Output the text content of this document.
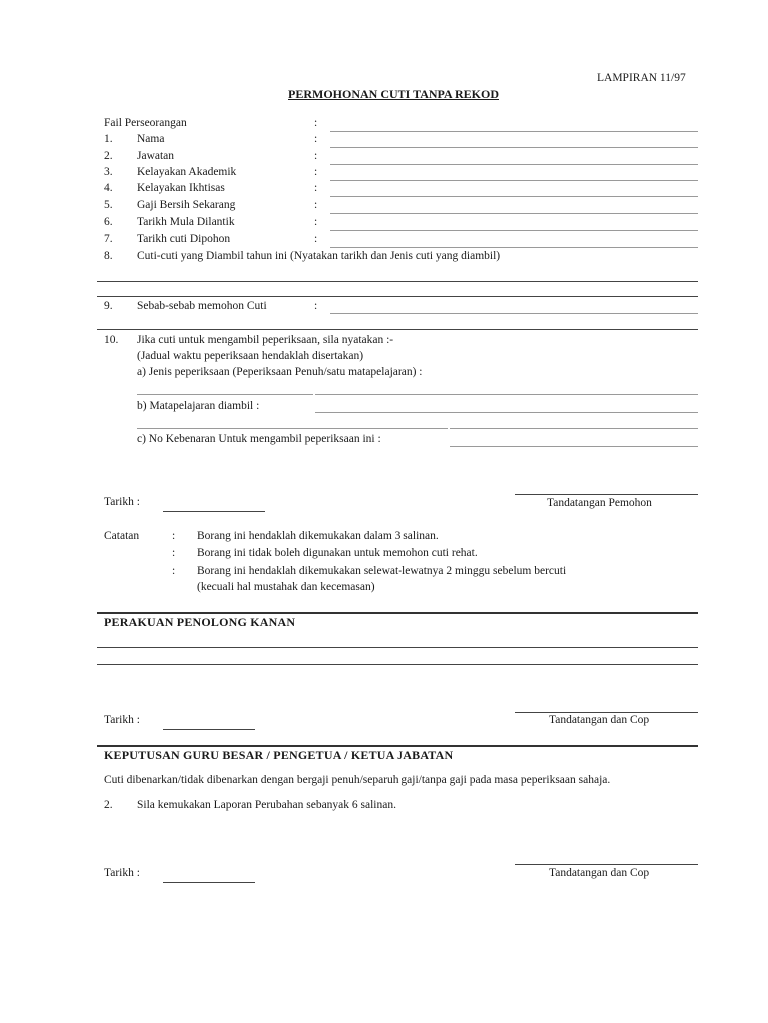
LAMPIRAN 11/97
PERMOHONAN CUTI TANPA REKOD
Fail Perseorangan	:
1. Nama	:
2. Jawatan	:
3. Kelayakan Akademik	:
4. Kelayakan Ikhtisas	:
5. Gaji Bersih Sekarang	:
6. Tarikh Mula Dilantik	:
7. Tarikh cuti Dipohon	:
8. Cuti-cuti yang Diambil tahun ini (Nyatakan tarikh dan Jenis cuti yang diambil)
9. Sebab-sebab memohon Cuti	:
10. Jika cuti untuk mengambil peperiksaan, sila nyatakan :-
(Jadual waktu peperiksaan hendaklah disertakan)
a) Jenis peperiksaan (Peperiksaan Penuh/satu matapelajaran) :
b) Matapelajaran diambil :
c) No Kebenaran Untuk mengambil peperiksaan ini :
Tarikh :	Tandatangan Pemohon
Catatan	: Borang ini hendaklah dikemukakan dalam 3 salinan.
: Borang ini tidak boleh digunakan untuk memohon cuti rehat.
: Borang ini hendaklah dikemukakan selewat-lewatnya 2 minggu sebelum bercuti
(kecuali hal mustahak dan kecemasan)
PERAKUAN PENOLONG KANAN
Tarikh :	Tandatangan dan Cop
KEPUTUSAN GURU BESAR / PENGETUA / KETUA JABATAN
Cuti dibenarkan/tidak dibenarkan dengan bergaji penuh/separuh gaji/tanpa gaji pada masa peperiksaan sahaja.
2. Sila kemukakan Laporan Perubahan sebanyak 6 salinan.
Tarikh :	Tandatangan dan Cop
